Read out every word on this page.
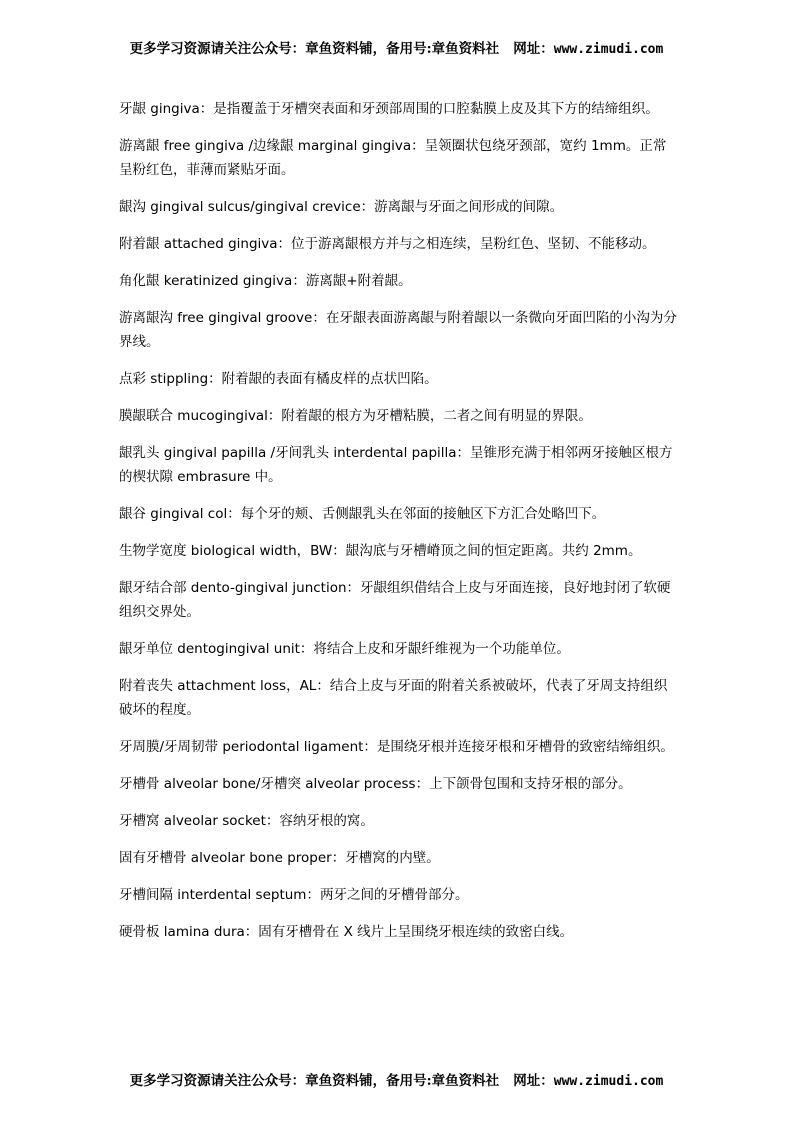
更多学习资源请关注公众号：章鱼资料铺，备用号:章鱼资料社 网址：www.zimudi.com

牙龈 gingiva：是指覆盖于牙槽突表面和牙颈部周围的口腔黏膜上皮及其下方的结缔组织。

游离龈 free gingiva /边缘龈 marginal gingiva：呈领圈状包绕牙颈部，宽约 1mm。正常呈粉红色，菲薄而紧贴牙面。

龈沟 gingival sulcus/gingival crevice：游离龈与牙面之间形成的间隙。

附着龈 attached gingiva：位于游离龈根方并与之相连续，呈粉红色、坚韧、不能移动。

角化龈 keratinized gingiva：游离龈+附着龈。

游离龈沟 free gingival groove：在牙龈表面游离龈与附着龈以一条微向牙面凹陷的小沟为分界线。

点彩 stippling：附着龈的表面有橘皮样的点状凹陷。

膜龈联合 mucogingival：附着龈的根方为牙槽粘膜，二者之间有明显的界限。

龈乳头 gingival papilla /牙间乳头 interdental papilla：呈锥形充满于相邻两牙接触区根方的楔状隙 embrasure 中。

龈谷 gingival col：每个牙的颊、舌侧龈乳头在邻面的接触区下方汇合处略凹下。

生物学宽度 biological width，BW：龈沟底与牙槽嵴顶之间的恒定距离。共约 2mm。

龈牙结合部 dento-gingival junction：牙龈组织借结合上皮与牙面连接，良好地封闭了软硬组织交界处。

龈牙单位 dentogingival unit：将结合上皮和牙龈纤维视为一个功能单位。

附着丧失 attachment loss，AL：结合上皮与牙面的附着关系被破坏，代表了牙周支持组织破坏的程度。

牙周膜/牙周韧带 periodontal ligament：是围绕牙根并连接牙根和牙槽骨的致密结缔组织。

牙槽骨 alveolar bone/牙槽突 alveolar process：上下颌骨包围和支持牙根的部分。

牙槽窝 alveolar socket：容纳牙根的窝。

固有牙槽骨 alveolar bone proper：牙槽窝的内壁。

牙槽间隔 interdental septum：两牙之间的牙槽骨部分。

硬骨板 lamina dura：固有牙槽骨在 X 线片上呈围绕牙根连续的致密白线。

更多学习资源请关注公众号：章鱼资料铺，备用号:章鱼资料社 网址：www.zimudi.com
